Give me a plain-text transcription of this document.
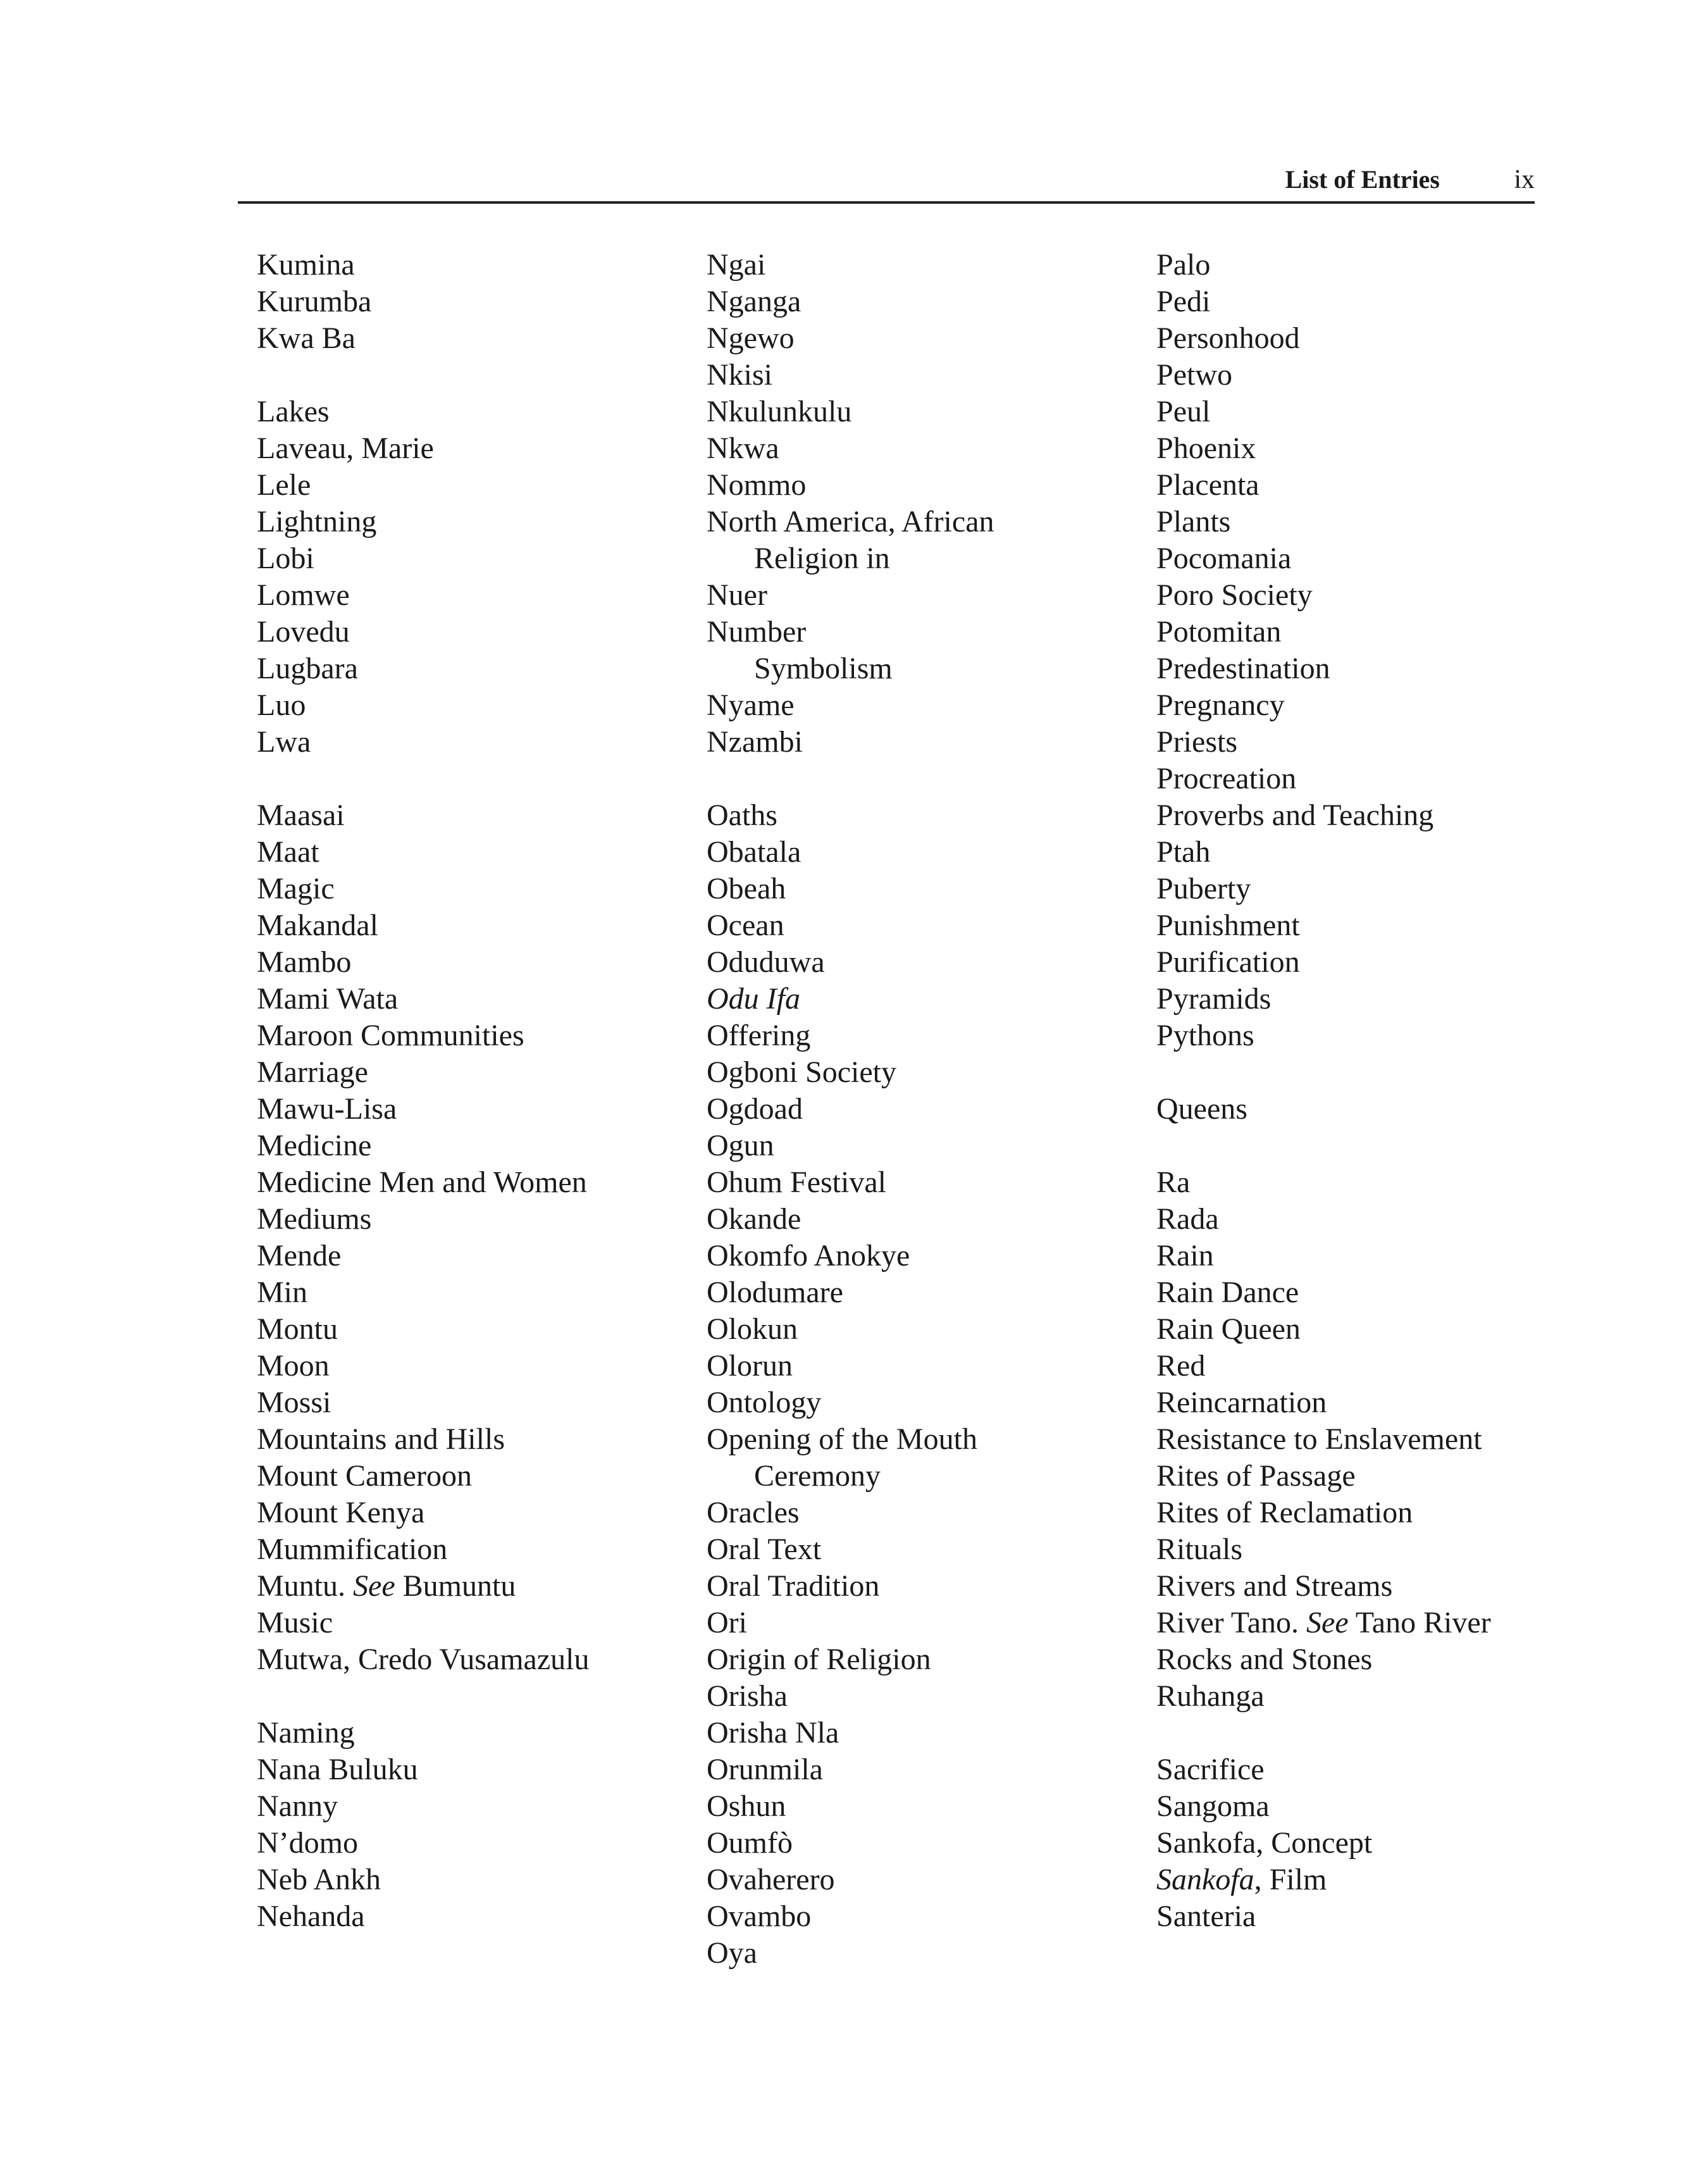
List of Entries	ix
Kumina
Kurumba
Kwa Ba
Lakes
Laveau, Marie
Lele
Lightning
Lobi
Lomwe
Lovedu
Lugbara
Luo
Lwa
Maasai
Maat
Magic
Makandal
Mambo
Mami Wata
Maroon Communities
Marriage
Mawu-Lisa
Medicine
Medicine Men and Women
Mediums
Mende
Min
Montu
Moon
Mossi
Mountains and Hills
Mount Cameroon
Mount Kenya
Mummification
Muntu. See Bumuntu
Music
Mutwa, Credo Vusamazulu
Naming
Nana Buluku
Nanny
N’domo
Neb Ankh
Nehanda
Ngai
Nganga
Ngewo
Nkisi
Nkulunkulu
Nkwa
Nommo
North America, African
Religion in
Nuer
Number
Symbolism
Nyame
Nzambi
Oaths
Obatala
Obeah
Ocean
Oduduwa
Odu Ifa
Offering
Ogboni Society
Ogdoad
Ogun
Ohum Festival
Okande
Okomfo Anokye
Olodumare
Olokun
Olorun
Ontology
Opening of the Mouth
Ceremony
Oracles
Oral Text
Oral Tradition
Ori
Origin of Religion
Orisha
Orisha Nla
Orunmila
Oshun
Oumfò
Ovaherero
Ovambo
Oya
Palo
Pedi
Personhood
Petwo
Peul
Phoenix
Placenta
Plants
Pocomania
Poro Society
Potomitan
Predestination
Pregnancy
Priests
Procreation
Proverbs and Teaching
Ptah
Puberty
Punishment
Purification
Pyramids
Pythons
Queens
Ra
Rada
Rain
Rain Dance
Rain Queen
Red
Reincarnation
Resistance to Enslavement
Rites of Passage
Rites of Reclamation
Rituals
Rivers and Streams
River Tano. See Tano River
Rocks and Stones
Ruhanga
Sacrifice
Sangoma
Sankofa, Concept
Sankofa, Film
Santeria
